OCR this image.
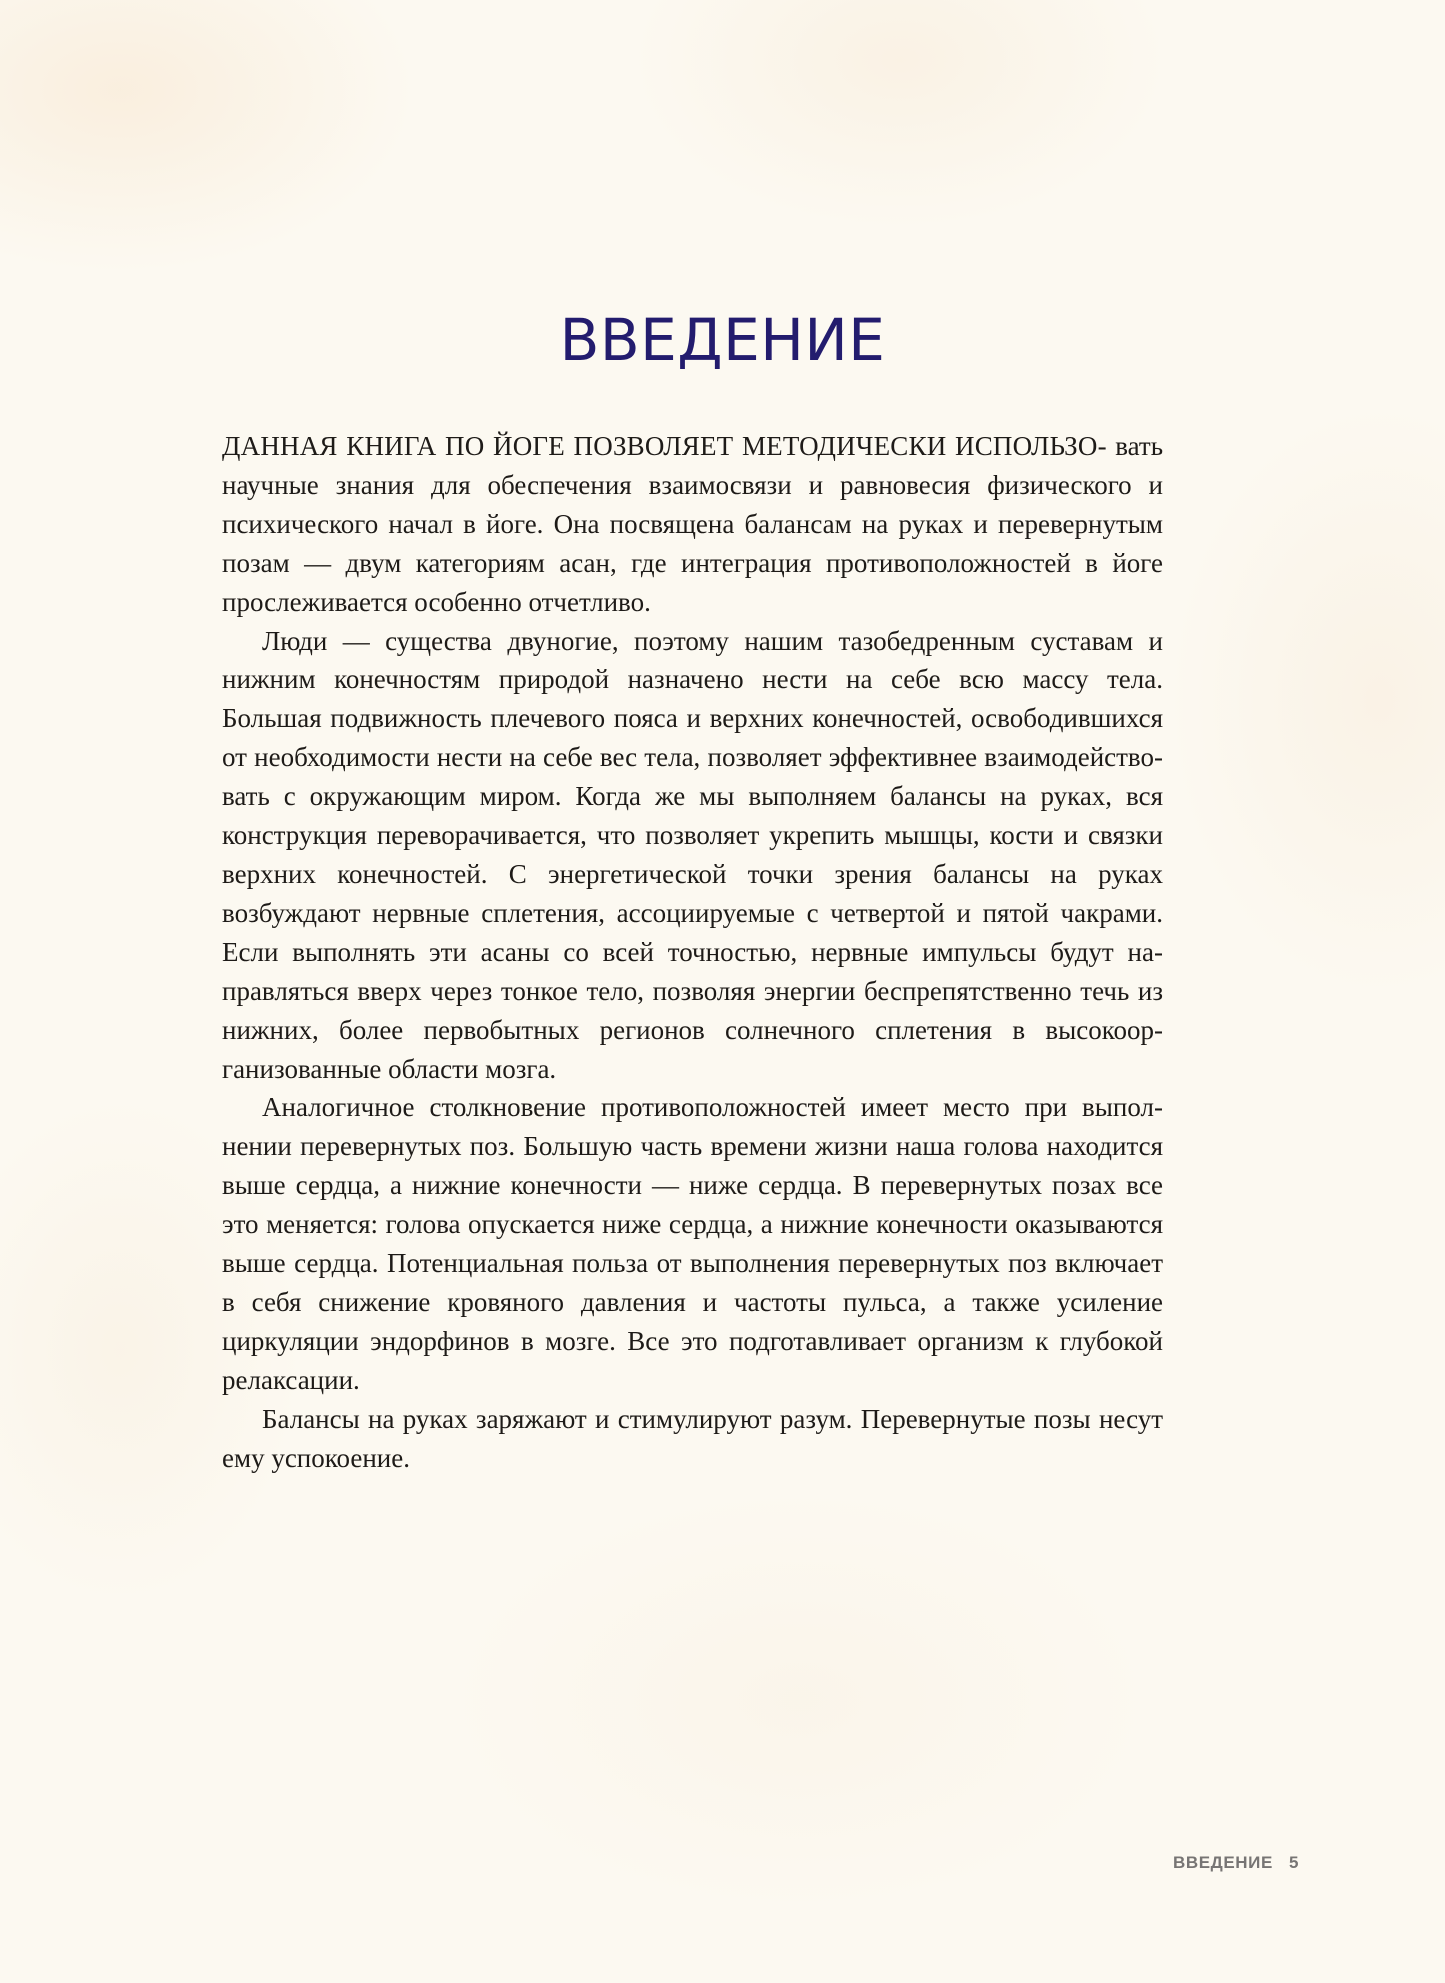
ВВЕДЕНИЕ

ДАННАЯ КНИГА ПО ЙОГЕ ПОЗВОЛЯЕТ МЕТОДИЧЕСКИ ИСПОЛЬЗО- вать научные знания для обеспечения взаимосвязи и равновесия физического и психического начал в йоге. Она посвящена балансам на руках и перевернутым позам — двум категориям асан, где интеграция противоположностей в йоге прослеживается особенно отчетливо.

Люди — существа двуногие, поэтому нашим тазобедренным суставам и нижним конечностям природой назначено нести на себе всю массу тела. Большая подвижность плечевого пояса и верхних конечностей, освободившихся от необходимости нести на себе вес тела, позволяет эффективнее взаимодействовать с окружающим миром. Когда же мы выполняем балансы на руках, вся конструкция переворачивается, что позволяет укрепить мышцы, кости и связки верхних конечностей. С энергетической точки зрения балансы на руках возбуждают нервные сплетения, ассоциируемые с четвертой и пятой чакрами. Если выполнять эти асаны со всей точностью, нервные импульсы будут направляться вверх через тонкое тело, позволяя энергии беспрепятственно течь из нижних, более первобытных регионов солнечного сплетения в высокоорганизованные области мозга.

Аналогичное столкновение противоположностей имеет место при выполнении перевернутых поз. Большую часть времени жизни наша голова находится выше сердца, а нижние конечности — ниже сердца. В перевернутых позах все это меняется: голова опускается ниже сердца, а нижние конечности оказываются выше сердца. Потенциальная польза от выполнения перевернутых поз включает в себя снижение кровяного давления и частоты пульса, а также усиление циркуляции эндорфинов в мозге. Все это подготавливает организм к глубокой релаксации.

Балансы на руках заряжают и стимулируют разум. Перевернутые позы несут ему успокоение.

ВВЕДЕНИЕ 5
